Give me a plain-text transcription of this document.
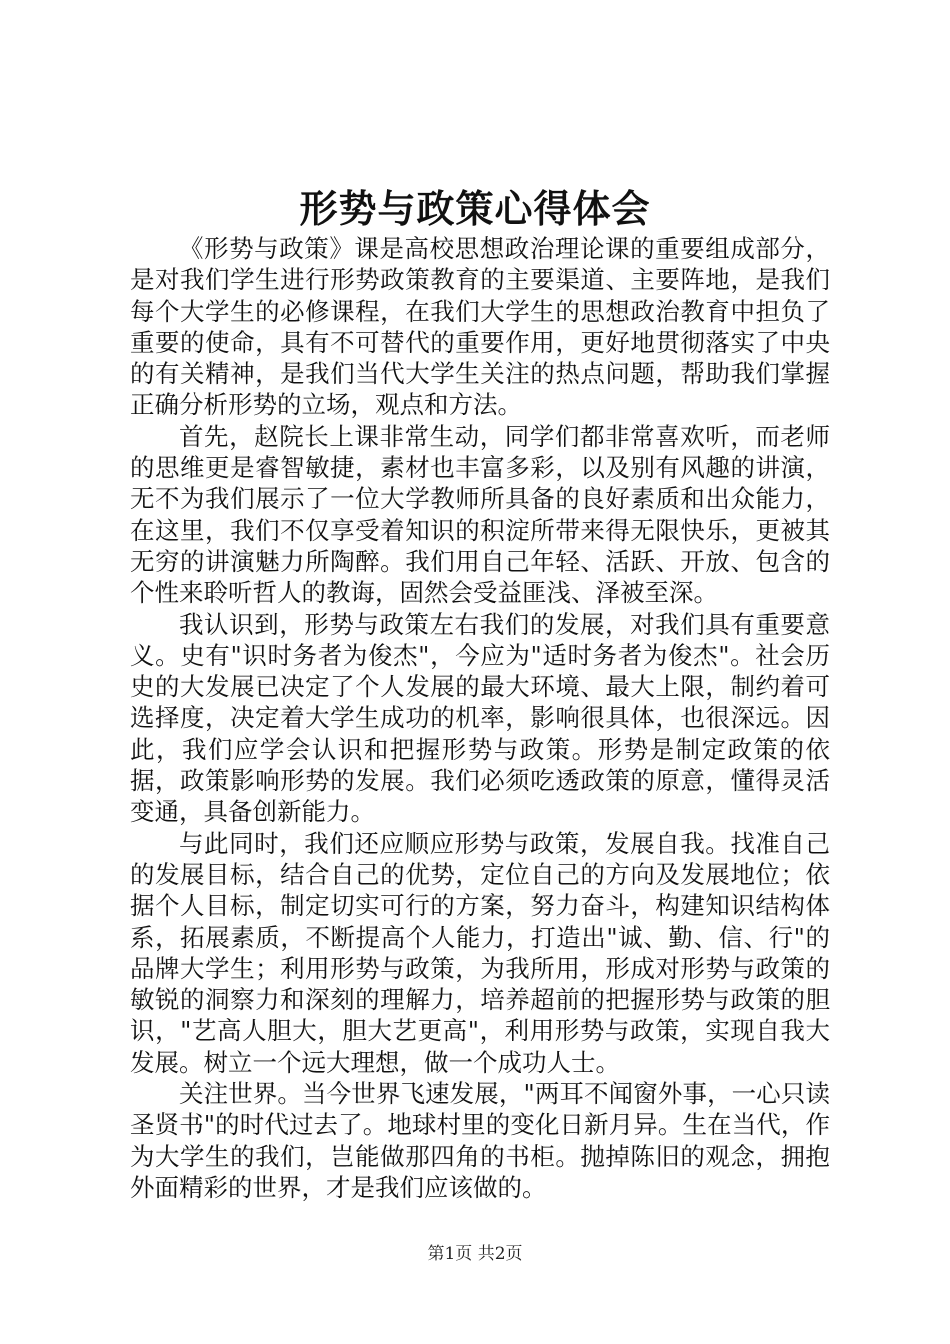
形势与政策心得体会

《形势与政策》课是高校思想政治理论课的重要组成部分，是对我们学生进行形势政策教育的主要渠道、主要阵地，是我们每个大学生的必修课程，在我们大学生的思想政治教育中担负了重要的使命，具有不可替代的重要作用，更好地贯彻落实了中央的有关精神，是我们当代大学生关注的热点问题，帮助我们掌握正确分析形势的立场，观点和方法。

首先，赵院长上课非常生动，同学们都非常喜欢听，而老师的思维更是睿智敏捷，素材也丰富多彩，以及别有风趣的讲演，无不为我们展示了一位大学教师所具备的良好素质和出众能力，在这里，我们不仅享受着知识的积淀所带来得无限快乐，更被其无穷的讲演魅力所陶醉。我们用自己年轻、活跃、开放、包含的个性来聆听哲人的教诲，固然会受益匪浅、泽被至深。

我认识到，形势与政策左右我们的发展，对我们具有重要意义。史有"识时务者为俊杰"，今应为"适时务者为俊杰"。社会历史的大发展已决定了个人发展的最大环境、最大上限，制约着可选择度，决定着大学生成功的机率，影响很具体，也很深远。因此，我们应学会认识和把握形势与政策。形势是制定政策的依据，政策影响形势的发展。我们必须吃透政策的原意，懂得灵活变通，具备创新能力。

与此同时，我们还应顺应形势与政策，发展自我。找准自己的发展目标，结合自己的优势，定位自己的方向及发展地位；依据个人目标，制定切实可行的方案，努力奋斗，构建知识结构体系，拓展素质，不断提高个人能力，打造出"诚、勤、信、行"的品牌大学生；利用形势与政策，为我所用，形成对形势与政策的敏锐的洞察力和深刻的理解力，培养超前的把握形势与政策的胆识，"艺高人胆大，胆大艺更高"，利用形势与政策，实现自我大发展。树立一个远大理想，做一个成功人士。

关注世界。当今世界飞速发展，"两耳不闻窗外事，一心只读圣贤书"的时代过去了。地球村里的变化日新月异。生在当代，作为大学生的我们，岂能做那四角的书柜。抛掉陈旧的观念，拥抱外面精彩的世界，才是我们应该做的。

第1页 共2页
